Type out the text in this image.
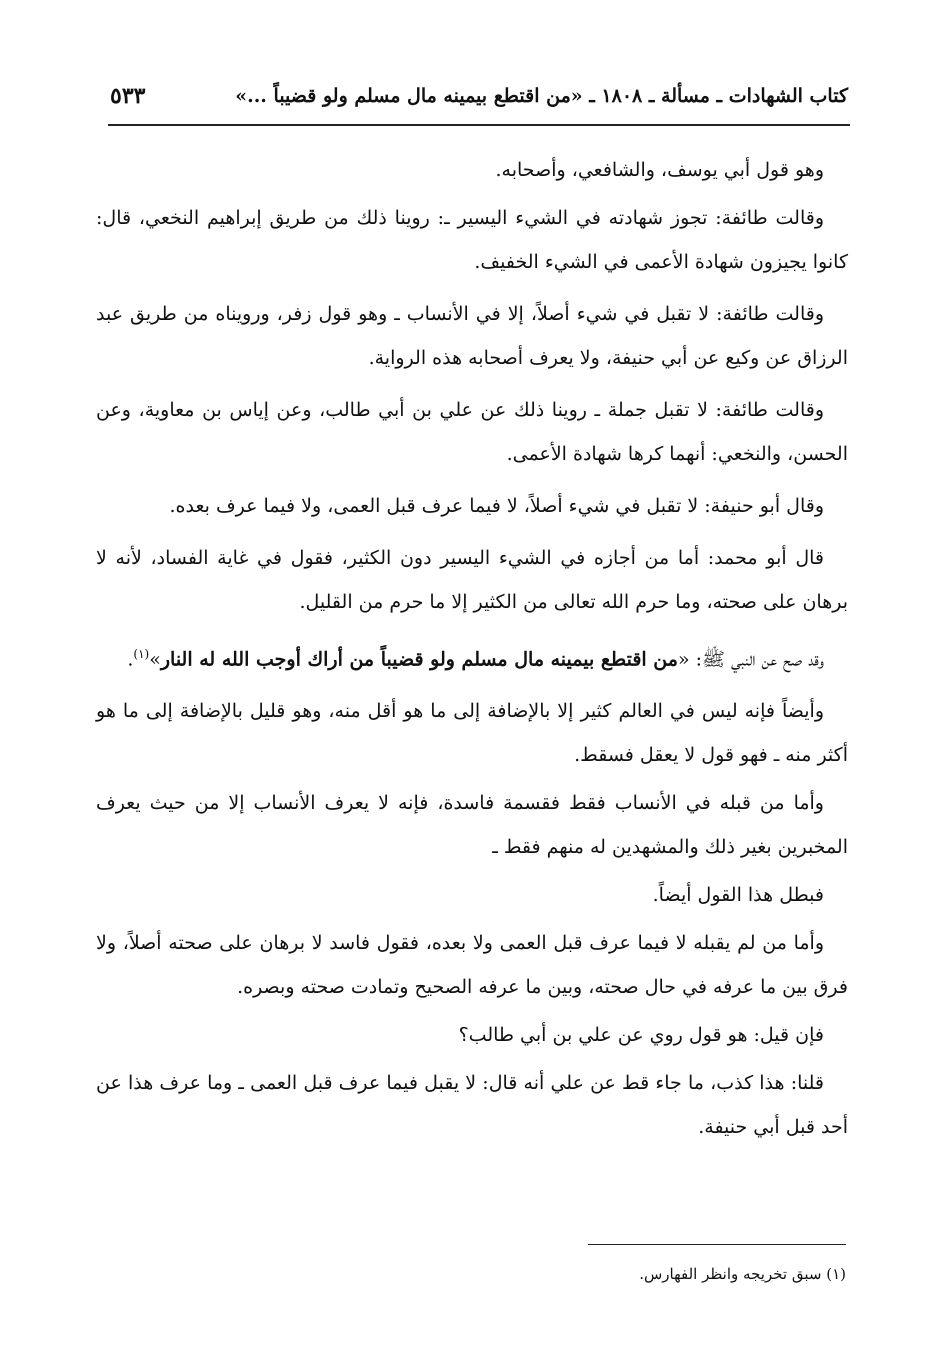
كتاب الشهادات ـ مسألة ـ ١٨٠٨ ـ «من اقتطع بيمينه مال مسلم ولو قضيباً ...»
٥٣٣

وهو قول أبي يوسف، والشافعي، وأصحابه.

وقالت طائفة: تجوز شهادته في الشيء اليسير ـ: روينا ذلك من طريق إبراهيم النخعي، قال: كانوا يجيزون شهادة الأعمى في الشيء الخفيف.

وقالت طائفة: لا تقبل في شيء أصلاً، إلا في الأنساب ـ وهو قول زفر، ورويناه من طريق عبد الرزاق عن وكيع عن أبي حنيفة، ولا يعرف أصحابه هذه الرواية.

وقالت طائفة: لا تقبل جملة ـ روينا ذلك عن علي بن أبي طالب، وعن إياس بن معاوية، وعن الحسن، والنخعي: أنهما كرها شهادة الأعمى.

وقال أبو حنيفة: لا تقبل في شيء أصلاً، لا فيما عرف قبل العمى، ولا فيما عرف بعده.

قال أبو محمد: أما من أجازه في الشيء اليسير دون الكثير، فقول في غاية الفساد، لأنه لا برهان على صحته، وما حرم الله تعالى من الكثير إلا ما حرم من القليل.

وقد صح عن النبي ﷺ: «من اقتطع بيمينه مال مسلم ولو قضيباً من أراك أوجب الله له النار»$^{(١)}$.

وأيضاً فإنه ليس في العالم كثير إلا بالإضافة إلى ما هو أقل منه، وهو قليل بالإضافة إلى ما هو أكثر منه ـ فهو قول لا يعقل فسقط.

وأما من قبله في الأنساب فقط فقسمة فاسدة، فإنه لا يعرف الأنساب إلا من حيث يعرف المخبرين بغير ذلك والمشهدين له منهم فقط ـ

فبطل هذا القول أيضاً.

وأما من لم يقبله لا فيما عرف قبل العمى ولا بعده، فقول فاسد لا برهان على صحته أصلاً، ولا فرق بين ما عرفه في حال صحته، وبين ما عرفه الصحيح وتمادت صحته وبصره.

فإن قيل: هو قول روي عن علي بن أبي طالب؟

قلنا: هذا كذب، ما جاء قط عن علي أنه قال: لا يقبل فيما عرف قبل العمى ـ وما عرف هذا عن أحد قبل أبي حنيفة.

(١) سبق تخريجه وانظر الفهارس.
